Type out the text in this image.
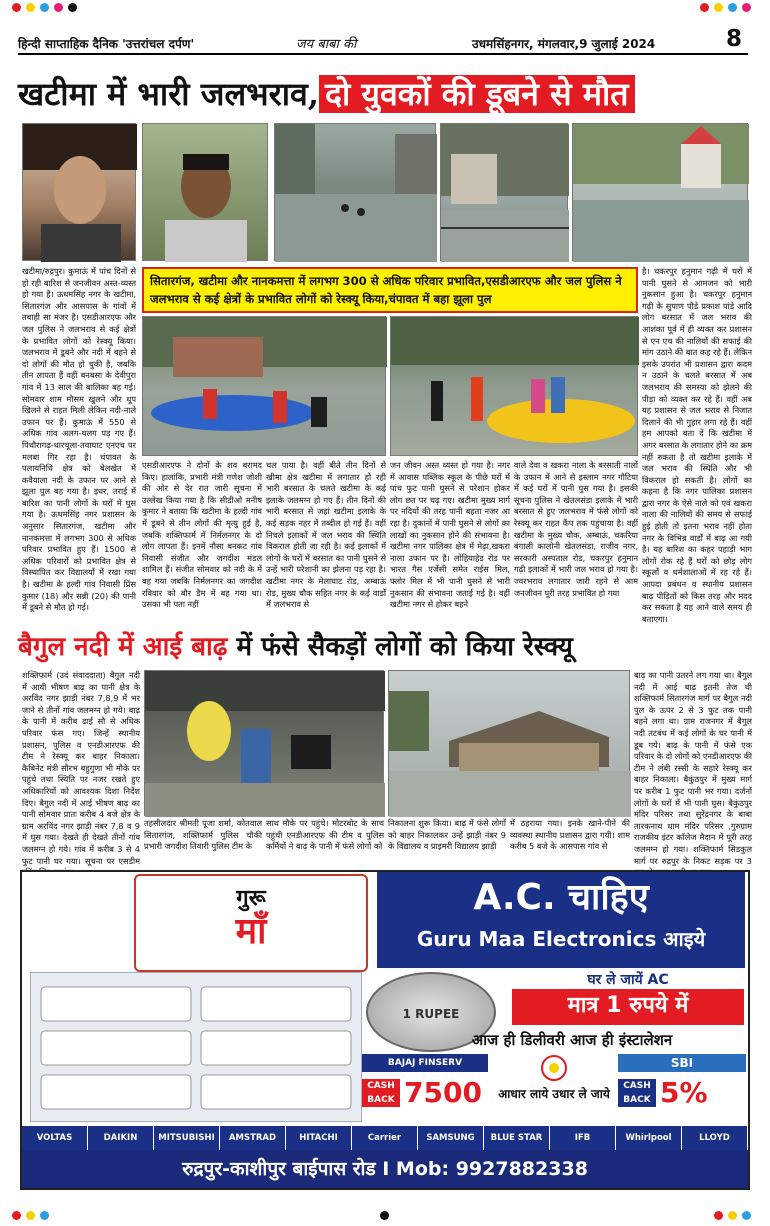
हिन्दी साप्ताहिक दैनिक 'उत्तरांचल दर्पण'	जय बाबा की	उधमसिंहनगर, मंगलवार,9 जुलाई 2024	8
खटीमा में भारी जलभराव, दो युवकों की डूबने से मौत
खटीमा/रुद्रपुर। कुमाऊं में पांच दिनों से हो रही बारिश से जनजीवन अस्त-व्यस्त हो गया है। ऊधमसिंह नगर के खटीमा, सितारगंज और आसपास के गांवों में तबाही सा मंजर है। एसडीआरएफ और जल पुलिस ने जलभराव से कई क्षेत्रों के प्रभावित लोगों को रेस्क्यू किया। जलभराव में डूबने और नदी में बहने से दो लोगों की मौत हो चुकी है, जबकि तीन लापता हैं वहीं बनबसा के देवीपुरा गांव में 13 साल की बालिका बह गई। सोमवार शाम मौसम खुलने और धूप खिलने से राहत मिली लेकिन नदी-नाले उफान पर हैं। कुमाऊं में 550 से अधिक गांव अलग-थलग पड़ गए हैं। पिथौरागढ़-धारचूला-तवाघाट एनएच पर मलबा गिर रहा है। चंपावत के पलायनिधि क्षेत्र को बेलखेत में कवैयाला नदी के उफान पर आने से झूला पुल बह गया है। इधर, तराई में बारिश का पानी लोगों के घरों में घुस गया है। ऊधमसिंह नगर प्रशासन के अनुसार सितारगंज, खटीमा और नानकमत्ता में लगभग 300 से अधिक परिवार प्रभावित हुए हैं। 1500 से अधिक परिवारों को प्रभावित क्षेत्र से विस्थापित कर विद्यालयों में रखा गया है। खटीमा के हल्दी गांव निवासी प्रिंस कुमार (18) और सन्नी (20) की पानी में डूबने से मौत हो गई।
सितारगंज, खटीमा और नानकमत्ता में लगभग 300 से अधिक परिवार प्रभावित,एसडीआरएफ और जल पुलिस ने जलभराव से कई क्षेत्रों के प्रभावित लोगों को रेस्क्यू किया,चंपावत में बहा झूला पुल
एसडीआरएफ ने दोनों के शव बरामद किए। हालांकि, प्रभारी मंत्री गणेश जोशी की ओर से देर रात जारी सूचना में उल्लेख किया गया है कि सीडीओ मनीष कुमार ने बताया कि खटीमा के हल्दी गांव में डूबने से तीन लोगों की मृत्यु हुई है, जबकि शक्तिफार्म में निर्मलनगर के दो लोग लापता हैं। इनमें नौसा बनकट गांव निवासी संजीत और जगदीश मंडल शामिल हैं। संजीत सोमवार को नदी के में बह गया जबकि निर्मलनगर का जगदीश रविवार को बौर डैम में बह गया था। उसका भी पता नहीं
चल पाया है। वहीं बीते तीन दिनों से खीमा क्षेत्र खटीमा में लगातार हो रही भारी बरसात के चलते खटीमा के कई इलाके जलमग्न हो गए हैं। तीन दिनों की भारी बरसात से जहां खटीमा इलाके के कई सड़क नहर में तब्दील हो गई हैं। वहीं निचले इलाकों में जल भराव की स्थिति विकराल होती जा रही है। कई इलाकों में लोगों के घरों में बरसात का पानी घुसने से उन्हें भारी परेशानी का झेलना पड़ रहा है। खटीमा नगर के मेलाघाट रोड, अम्बाऊं रोड, मुख्य चौक सहित नगर के कई वार्डों में जलभराव से
जन जीवन अस्त व्यस्त हो गया है। नगर में आवास पब्लिक स्कूल के पीछे घरों में पांच फुट पानी घुसने से परेशान होकर लोग छत पर चढ़ गए। खटीमा मुख्य मार्ग पर नदियों की तरह पानी बहता नजर आ रहा है। दुकानों में पानी घुसने से लोगों का लाखों का नुकसान होने की संभावना है। खटीमा नगर पालिका क्षेत्र में मेढ़ा,खकरा नाला उफान पर है। लोहियाहेड रोड पर भारत गैस एजेंसी समेत राईस मिल, फ्लोर मिल में भी पानी घुसने से भारी नुकसान की संभावना जताई गई है। वहीं खटीमा नगर से होकर बहने
वाले देवा व खकरा नाला के बरसाती नालों के उफान में आने से इस्लाम नगर गौटिया में कई घरों में पानी घुस गया है। इसकी सूचना पुलिस ने खेतलसंडा इलाके में भारी बरसात से हुए जलभराव में फंसे लोगों को रेस्क्यू कर राहत कैंप तक पहुंचाया है। वहीं खटीमा के मुख्य चौक, अम्बाऊं, चकरिया बंगाली कालोनी खेतलसंडा, राजीव नगर, सरकारी अस्पताल रोड, चकरपुर हनुमान गढ़ी इलाकों में भारी जल भराव हो गया है।ज्वरभराव लगातार जारी रहने से आम जनजीवन पूरी तरह प्रभावित हो गया
है। चकरपुर हनुमान गढ़ी में घरों में पानी घुसने से आमजन को भारी नुकसान हुआ है। चकरपुर हनुमान गढ़ी के सुपाण पौडे प्रकाश पांडे आदि लोग बरसात में जल भराव की आशंका पूर्व में ही व्यक्त कर प्रशासन से एन एच की नालियों की सफाई की मांग उठाने की बात कह रहे हैं। लेकिन इसके उपरांत भी प्रशासन द्वारा कदम न उठाने के चलते बरसात में अब जलभराव की समस्या को झेलने की पीड़ा को व्यक्त कर रहे हैं। वहीं अब यह प्रशासन से जल भराव से निजात दिलाने की भी गुहार लगा रहे हैं। वहीं हम आपको बता दें कि खटीमा में अगर बरसात के लगातार होने का क्रम नहीं रुकता है तो खटीमा इलाके में जल भराव की स्थिति और भी विकराल हो सकती है। लोगों का कहना है कि नगर पालिका प्रशासन द्वारा नगर के ऐसे नाले को एवं खकरा नाला की नालियों की समय से सफाई हुई होती तो इतना भराव नहीं होता नगर के विभिन्न वार्डों में बाढ़ आ गयी है। यह बारिश का कहर पहाड़ी भाग लोगों रोक रहे हैं घरों को छोड़ लोग स्कूलों व धर्मशालाओं में रह रहे हैं। आपदा प्रबंधन व स्थानीय प्रशासन बाढ़ पीड़ितों को किस तरह और मदद कर सकता है यह आने वाले समय ही बताएगा।
बैगुल नदी में आई बाढ़ में फंसे सैकड़ों लोगों को किया रेस्क्यू
शक्तिफार्म (उदं संवाददाता) बैगुल नदी में आयी भीषण बाढ़ का पानी क्षेत्र के अरविंद नगर झाड़ी नंबर 7,8,9 में भर जाने से तीनों गांव जलमग्न हो गये। बाढ़ के पानी में करीब ढाई सौ से अधिक परिवार फंस गए। जिन्हें स्थानीय प्रशासन, पुलिस व एनडीआरएफ की टीम ने रेस्क्यू कर बाहर निकाला। कैबिनेट मंत्री सौरभ बहुगुणा भी मौके पर पहुंचे तथा स्थिति पर नजर रखते हुए अधिकारियों को आवश्यक दिशा निर्देश दिए। बैगुल नदी में आई भीषण बाढ़ का पानी सोमवार प्रातः करीब 4 बजे क्षेत्र के ग्राम अरविंद नगर झाड़ी नंबर 7,8 व 9 में घुस गया। देखते ही देखते तीनों गांव जलमग्न हो गये। गांव में करीब 3 से 4 फुट पानी घर गया। सूचना पर एसडीम
तहसीलदार श्रीमती पूजा शर्मा, कोतवाल सितारगंज, शक्तिफार्म पुलिस चौकी प्रभारी जगदीश तिवारी पुलिस टीम के
साथ मौके पर पहुंचे। मोटरबोट के साथ पहुंची एनडीआरएफ की टीम व पुलिस कर्मियों ने बाढ़ के पानी में फंसे लोगों को
निकालना शुरू किया। बाढ़ में फंसे लोगों को बाहर निकालकर उन्हें झाड़ी नंबर 9 के विद्यालय व प्राइमरी विद्यालय झाड़ी
में ठहराया गया। इनके खाने-पीने की व्यवस्था स्थानीय प्रशासन द्वारा गयी। शाम करीब 5 बजे के आसपास गांव से
बाढ़ का पानी उतरने लग गया था। बैगुल नदी में आई बाढ़ इतनी तेज थी शक्तिफार्म सितारगंज मार्ग पर बैगुल नदी पुल के ऊपर 2 से 3 फुट तक पानी बहने लगा था। ग्राम राजनगर में बैगुल नदी तटबंध में कई लोगों के घर पानी में डूब गये। बाढ़ के पानी में फंसे एक परिवार के दो लोगों को एनडीआरएफ की टीम ने लंबी रस्सी के सहारे रेस्क्यू कर बाहर निकाला। बैकुंठपुर में मुख्य मार्ग पर करीब 1 फुट पानी भर गया। दर्जनों लोगों के घरों में भी पानी घुस। बैकुंठपुर मंदिर परिसर तथा सुरेंद्रनगर के बाबा तारकनाथ धाम मंदिर परिसर ,गुरुग्राम राजकीय इंटर कॉलेज मैदान में पूरी तरह जलमग्न हो गया। शक्तिफार्म सिडकुल मार्ग पर रुद्रपुर के निकट सड़क पर 3
गुरू
माँ
A.C. चाहिए
Guru Maa Electronics आइये
1 RUPEE
घर ले जायें AC
मात्र 1 रुपये में
आज ही डिलीवरी आज ही इंस्टालेशन
BAJAJ FINSERV
CASH BACK 7500	आधार लाये उधार ले जाये
SBI
CASH BACK 5%
VOLTAS	DAIKIN	MITSUBISHI	AMSTRAD	HITACHI	Carrier	SAMSUNG	BLUE STAR	IFB	Whirlpool	LLOYD
रुद्रपुर-काशीपुर बाईपास रोड I Mob: 9927882338
